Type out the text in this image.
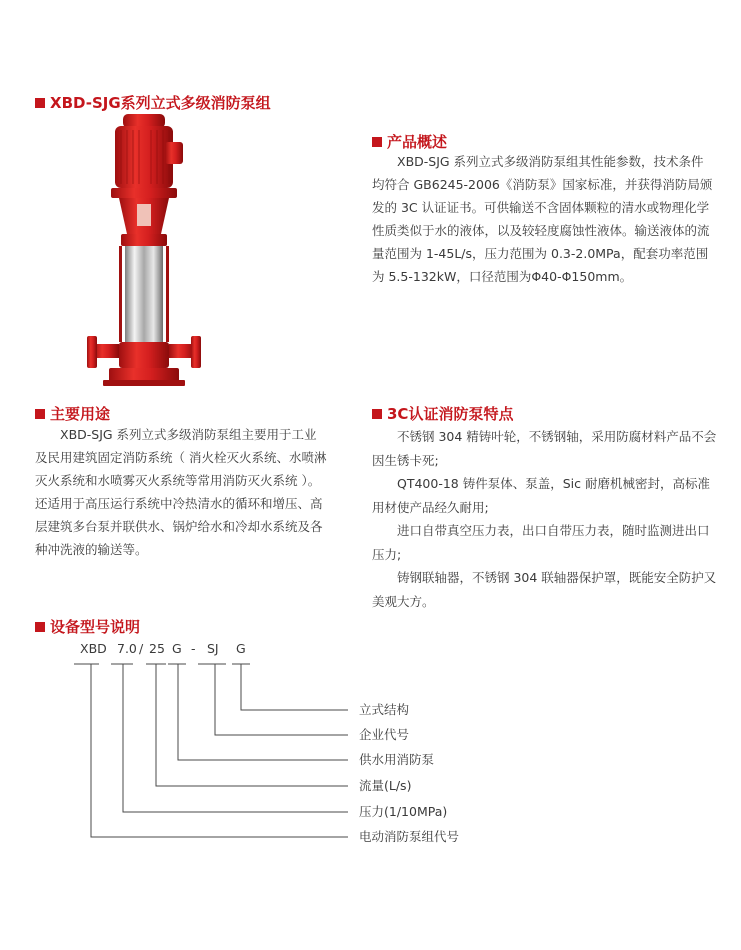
XBD-SJG系列立式多级消防泵组
产品概述

XBD-SJG 系列立式多级消防泵组其性能参数，技术条件

均符合 GB6245-2006《消防泵》国家标准，并获得消防局颁

发的 3C 认证证书。可供输送不含固体颗粒的清水或物理化学

性质类似于水的液体，以及较轻度腐蚀性液体。输送液体的流

量范围为 1-45L/s，压力范围为 0.3-2.0MPa，配套功率范围

为 5.5-132kW，口径范围为Φ40-Φ150mm。

主要用途

XBD-SJG 系列立式多级消防泵组主要用于工业

及民用建筑固定消防系统（ 消火栓灭火系统、水喷淋

灭火系统和水喷雾灭火系统等常用消防灭火系统 ）。

还适用于高压运行系统中冷热清水的循环和增压、高

层建筑多台泵并联供水、锅炉给水和冷却水系统及各

种冲洗液的输送等。

3C认证消防泵特点

不锈钢 304 精铸叶轮，不锈钢轴，采用防腐材料产品不会

因生锈卡死;

QT400-18 铸件泵体、泵盖，Sic 耐磨机械密封，高标准

用材使产品经久耐用;

进口自带真空压力表，出口自带压力表，随时监测进出口

压力;

铸钢联轴器，不锈钢 304 联轴器保护罩，既能安全防护又

美观大方。

设备型号说明
XBD 7.0 / 25 G - SJ G
立式结构
企业代号
供水用消防泵
流量(L/s)
压力(1/10MPa)
电动消防泵组代号
